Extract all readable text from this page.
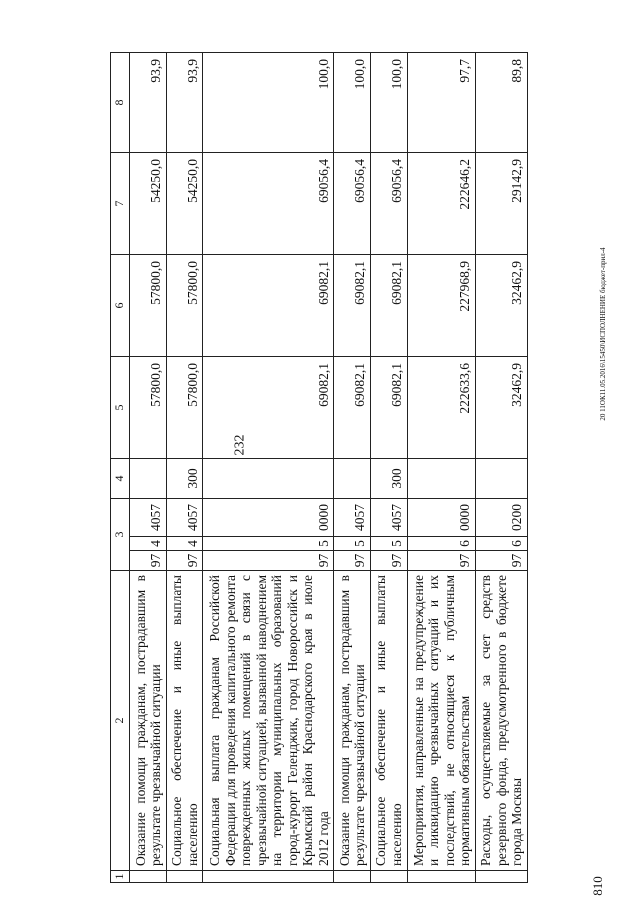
232
810
20 11ОК11.05.2016\15450\ИСПОЛНЕНИЕ бюджет-прил-4
1	2	3			4	5	6	7	8
	Оказание помощи гражданам, пострадавшим в результате чрезвычайной ситуации	97	4	4057		57800,0	57800,0	54250,0	93,9
	Социальное обеспечение и иные выплаты населению	97	4	4057	300	57800,0	57800,0	54250,0	93,9
	Социальная выплата гражданам Российской Федерации для проведения капитального ремонта поврежденных жилых помещений в связи с чрезвычайной ситуацией, вызванной наводнением на территории муниципальных образований город-курорт Геленджик, город Новороссийск и Крымский район Краснодарского края в июле 2012 года	97	5	0000		69082,1	69082,1	69056,4	100,0
	Оказание помощи гражданам, пострадавшим в результате чрезвычайной ситуации	97	5	4057		69082,1	69082,1	69056,4	100,0
	Социальное обеспечение и иные выплаты населению	97	5	4057	300	69082,1	69082,1	69056,4	100,0
	Мероприятия, направленные на предупреждение и ликвидацию чрезвычайных ситуаций и их последствий, не относящиеся к публичным нормативным обязательствам	97	6	0000		222633,6	227968,9	222646,2	97,7
	Расходы, осуществляемые за счет средств резервного фонда, предусмотренного в бюджете города Москвы	97	6	0200		32462,9	32462,9	29142,9	89,8
